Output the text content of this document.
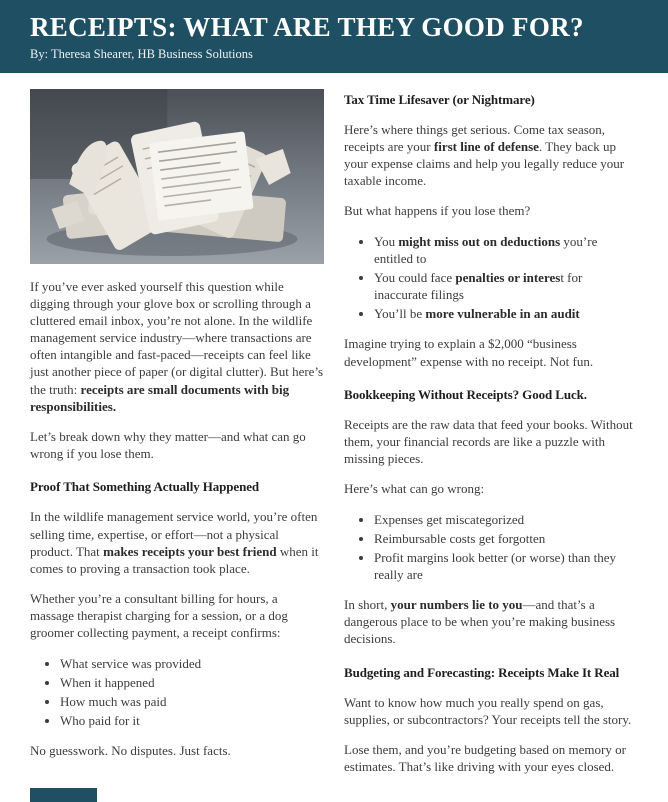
RECEIPTS: WHAT ARE THEY GOOD FOR?
By: Theresa Shearer, HB Business Solutions

If you’ve ever asked yourself this question while digging through your glove box or scrolling through a cluttered email inbox, you’re not alone. In the wildlife management service industry—where transactions are often intangible and fast-paced—receipts can feel like just another piece of paper (or digital clutter). But here’s the truth: receipts are small documents with big responsibilities.

Let’s break down why they matter—and what can go wrong if you lose them.

Proof That Something Actually Happened

In the wildlife management service world, you’re often selling time, expertise, or effort—not a physical product. That makes receipts your best friend when it comes to proving a transaction took place.

Whether you’re a consultant billing for hours, a massage therapist charging for a session, or a dog groomer collecting payment, a receipt confirms:

• What service was provided
• When it happened
• How much was paid
• Who paid for it

No guesswork. No disputes. Just facts.

Tax Time Lifesaver (or Nightmare)

Here’s where things get serious. Come tax season, receipts are your first line of defense. They back up your expense claims and help you legally reduce your taxable income.

But what happens if you lose them?

• You might miss out on deductions you’re entitled to
• You could face penalties or interest for inaccurate filings
• You’ll be more vulnerable in an audit

Imagine trying to explain a $2,000 “business development” expense with no receipt. Not fun.

Bookkeeping Without Receipts? Good Luck.

Receipts are the raw data that feed your books. Without them, your financial records are like a puzzle with missing pieces.

Here’s what can go wrong:

• Expenses get miscategorized
• Reimbursable costs get forgotten
• Profit margins look better (or worse) than they really are

In short, your numbers lie to you—and that’s a dangerous place to be when you’re making business decisions.

Budgeting and Forecasting: Receipts Make It Real

Want to know how much you really spend on gas, supplies, or subcontractors? Your receipts tell the story.

Lose them, and you’re budgeting based on memory or estimates. That’s like driving with your eyes closed.
